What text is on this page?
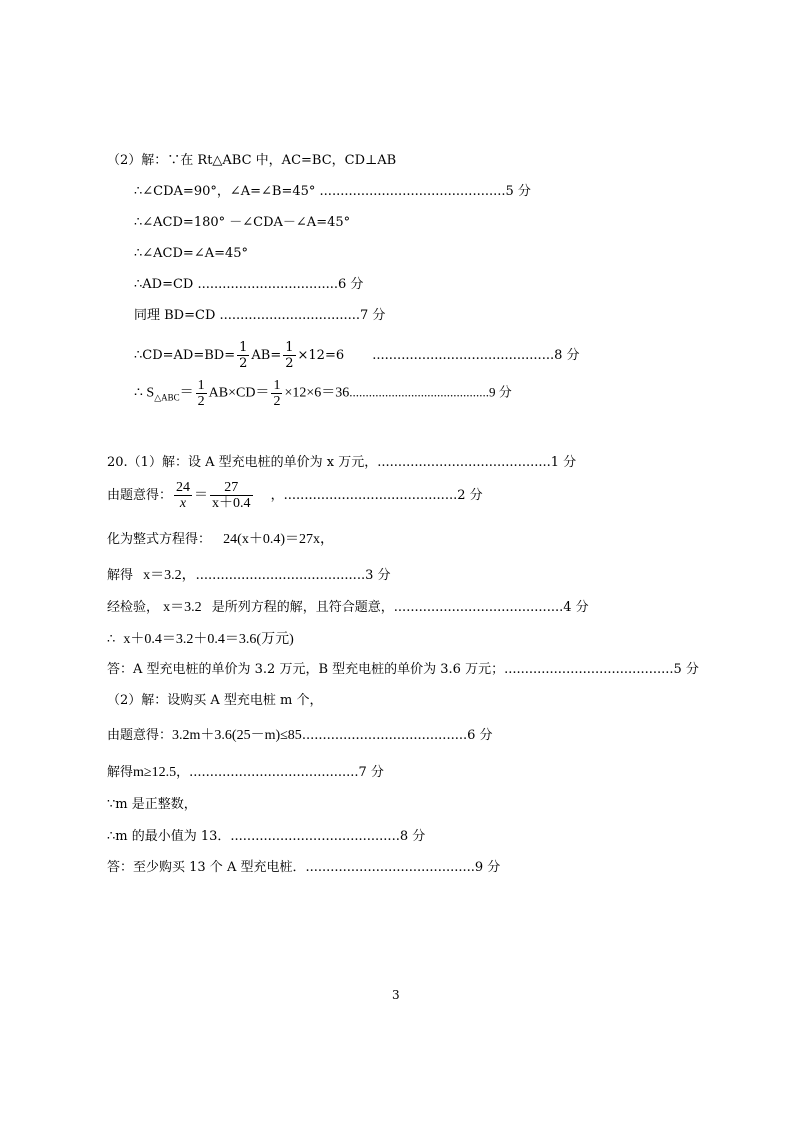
（2）解：∵在 Rt△ABC 中，AC=BC，CD⊥AB
∴∠CDA=90°，∠A=∠B=45° .............................................5 分
∴∠ACD=180° －∠CDA－∠A=45°
∴∠ACD=∠A=45°
∴AD=CD ..................................6 分
同理 BD=CD ..................................7 分
∴CD=AD=BD= $\frac{1}{2} AB= \frac{1}{2} \times 12=6$ ............................................8 分
∴ $S_{\triangle ABC}= \frac{1}{2} AB\times CD= \frac{1}{2} \times 12\times 6=36...........................................9$ 分
20.（1）解：设 A 型充电桩的单价为 x 万元，..........................................1 分
由题意得： $\frac{24}{x} = \frac{27}{x+0.4}$ ，..........................................2 分
化为整式方程得： 24(x＋0.4)＝27x，
解得 x＝3.2，.........................................3 分
经检验， x＝3.2 是所列方程的解，且符合题意，.........................................4 分
∴ x＋0.4＝3.2＋0.4＝3.6(万元)
答：A 型充电桩的单价为 3.2 万元，B 型充电桩的单价为 3.6 万元；.........................................5 分
（2）解：设购买 A 型充电桩 m 个，
由题意得：3.2m＋3.6(25－m)≤85........................................6 分
解得m≥12.5，.........................................7 分
∵m 是正整数，
∴m 的最小值为 13．.........................................8 分
答：至少购买 13 个 A 型充电桩．.........................................9 分
3
